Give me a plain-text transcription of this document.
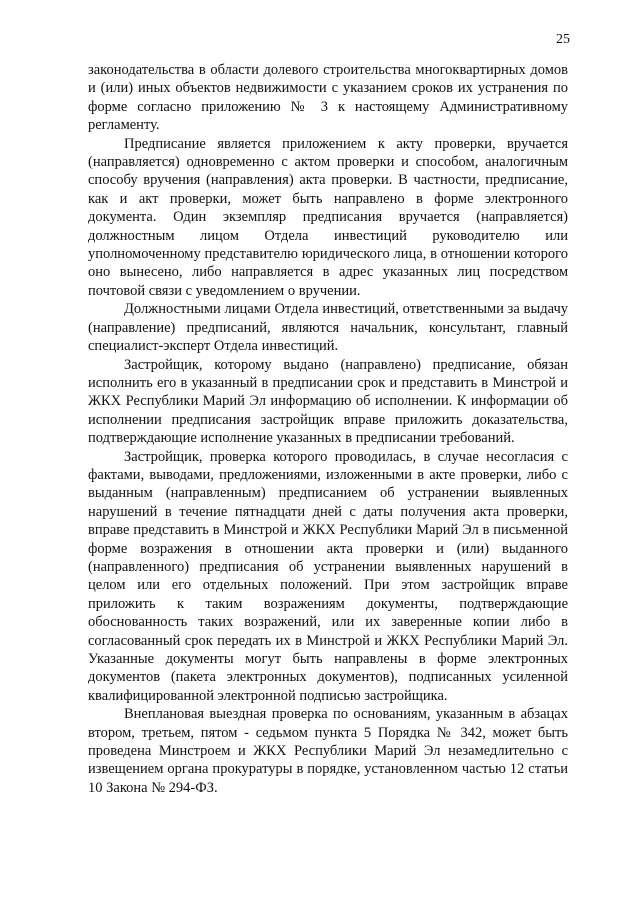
25

законодательства в области долевого строительства многоквартирных домов и (или) иных объектов недвижимости с указанием сроков их устранения по форме согласно приложению № 3 к настоящему Административному регламенту.

Предписание является приложением к акту проверки, вручается (направляется) одновременно с актом проверки и способом, аналогичным способу вручения (направления) акта проверки. В частности, предписание, как и акт проверки, может быть направлено в форме электронного документа. Один экземпляр предписания вручается (направляется) должностным лицом Отдела инвестиций руководителю или уполномоченному представителю юридического лица, в отношении которого оно вынесено, либо направляется в адрес указанных лиц посредством почтовой связи с уведомлением о вручении.

Должностными лицами Отдела инвестиций, ответственными за выдачу (направление) предписаний, являются начальник, консультант, главный специалист-эксперт Отдела инвестиций.

Застройщик, которому выдано (направлено) предписание, обязан исполнить его в указанный в предписании срок и представить в Минстрой и ЖКХ Республики Марий Эл информацию об исполнении. К информации об исполнении предписания застройщик вправе приложить доказательства, подтверждающие исполнение указанных в предписании требований.

Застройщик, проверка которого проводилась, в случае несогласия с фактами, выводами, предложениями, изложенными в акте проверки, либо с выданным (направленным) предписанием об устранении выявленных нарушений в течение пятнадцати дней с даты получения акта проверки, вправе представить в Минстрой и ЖКХ Республики Марий Эл в письменной форме возражения в отношении акта проверки и (или) выданного (направленного) предписания об устранении выявленных нарушений в целом или его отдельных положений. При этом застройщик вправе приложить к таким возражениям документы, подтверждающие обоснованность таких возражений, или их заверенные копии либо в согласованный срок передать их в Минстрой и ЖКХ Республики Марий Эл. Указанные документы могут быть направлены в форме электронных документов (пакета электронных документов), подписанных усиленной квалифицированной электронной подписью застройщика.

Внеплановая выездная проверка по основаниям, указанным в абзацах втором, третьем, пятом - седьмом пункта 5 Порядка № 342, может быть проведена Минстроем и ЖКХ Республики Марий Эл незамедлительно с извещением органа прокуратуры в порядке, установленном частью 12 статьи 10 Закона № 294-ФЗ.
